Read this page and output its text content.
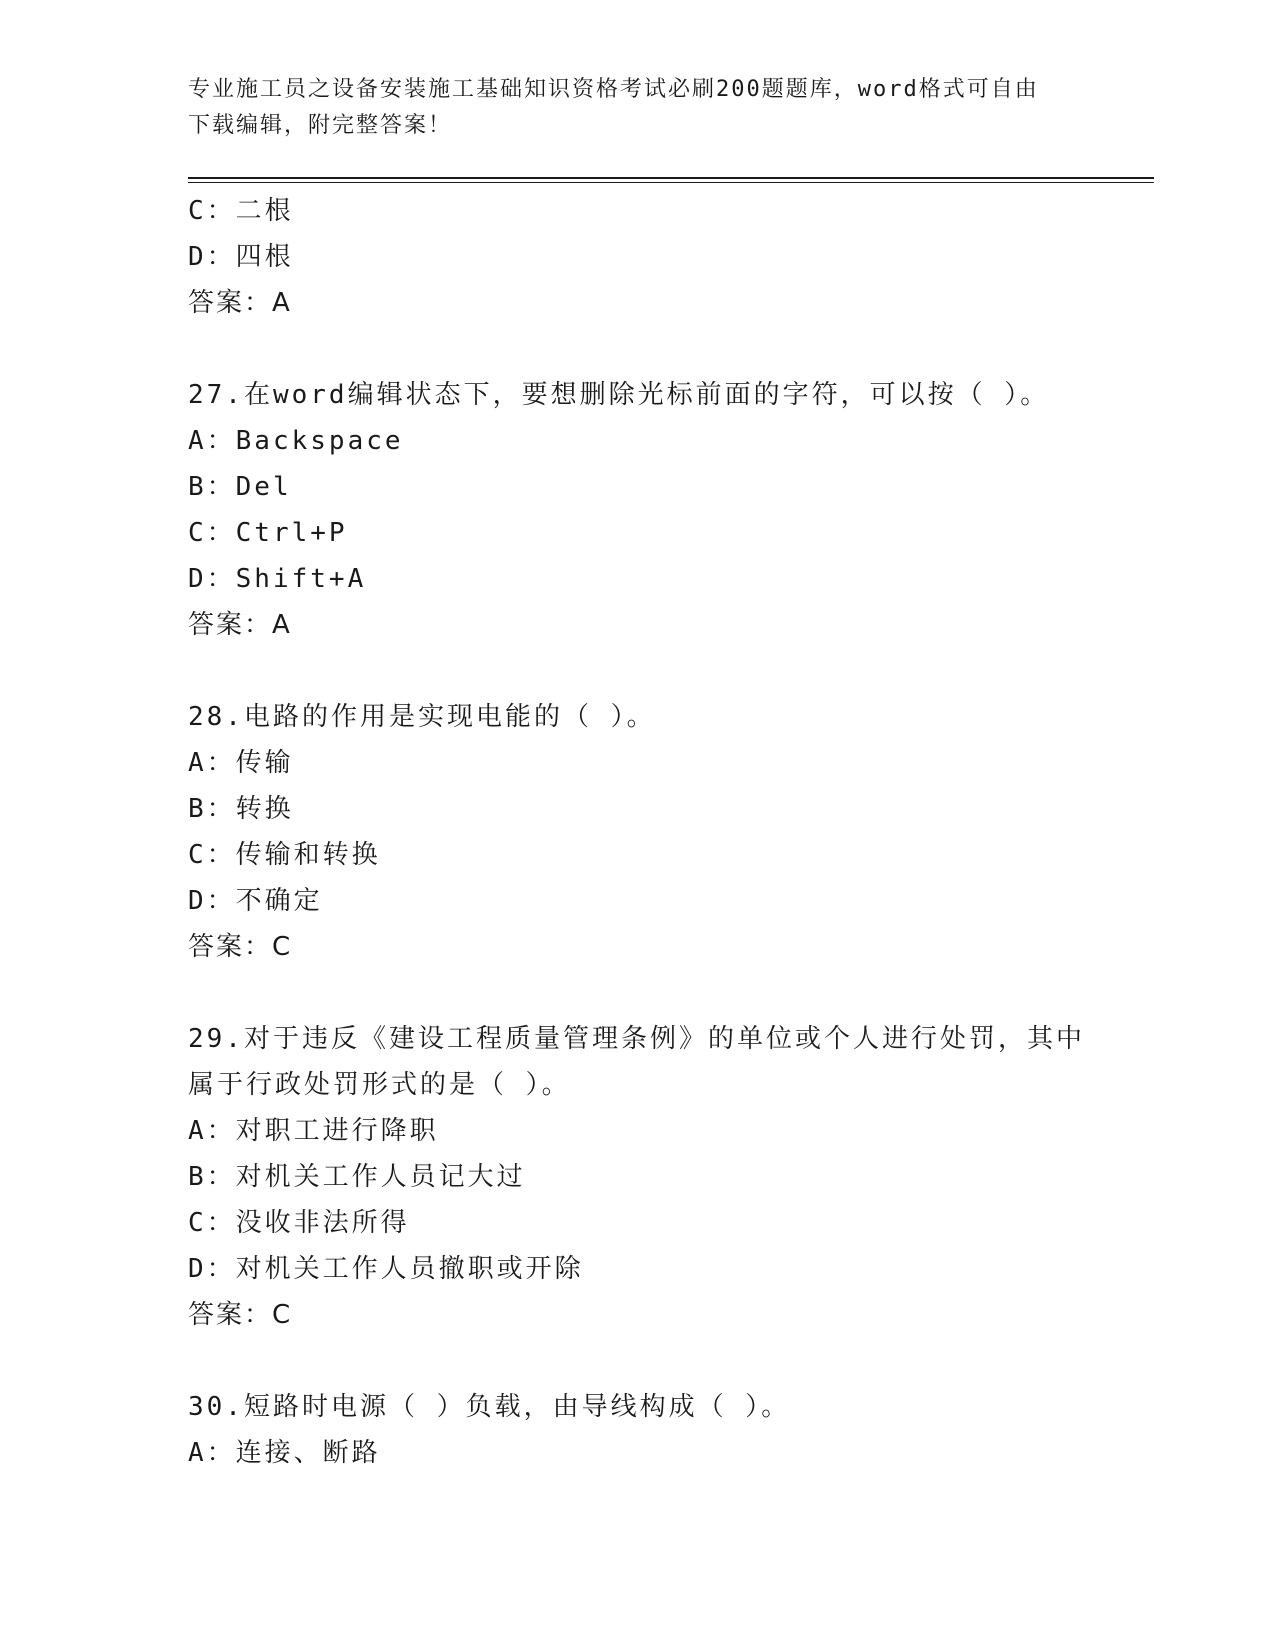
专业施工员之设备安装施工基础知识资格考试必刷200题题库，word格式可自由
下载编辑，附完整答案！
C：二根
D：四根
答案：A
27.在word编辑状态下，要想删除光标前面的字符，可以按（ ）。
A：Backspace
B：Del
C：Ctrl+P
D：Shift+A
答案：A
28.电路的作用是实现电能的（ ）。
A：传输
B：转换
C：传输和转换
D：不确定
答案：C
29.对于违反《建设工程质量管理条例》的单位或个人进行处罚，其中
属于行政处罚形式的是（ ）。
A：对职工进行降职
B：对机关工作人员记大过
C：没收非法所得
D：对机关工作人员撤职或开除
答案：C
30.短路时电源（ ）负载，由导线构成（ ）。
A：连接、断路
